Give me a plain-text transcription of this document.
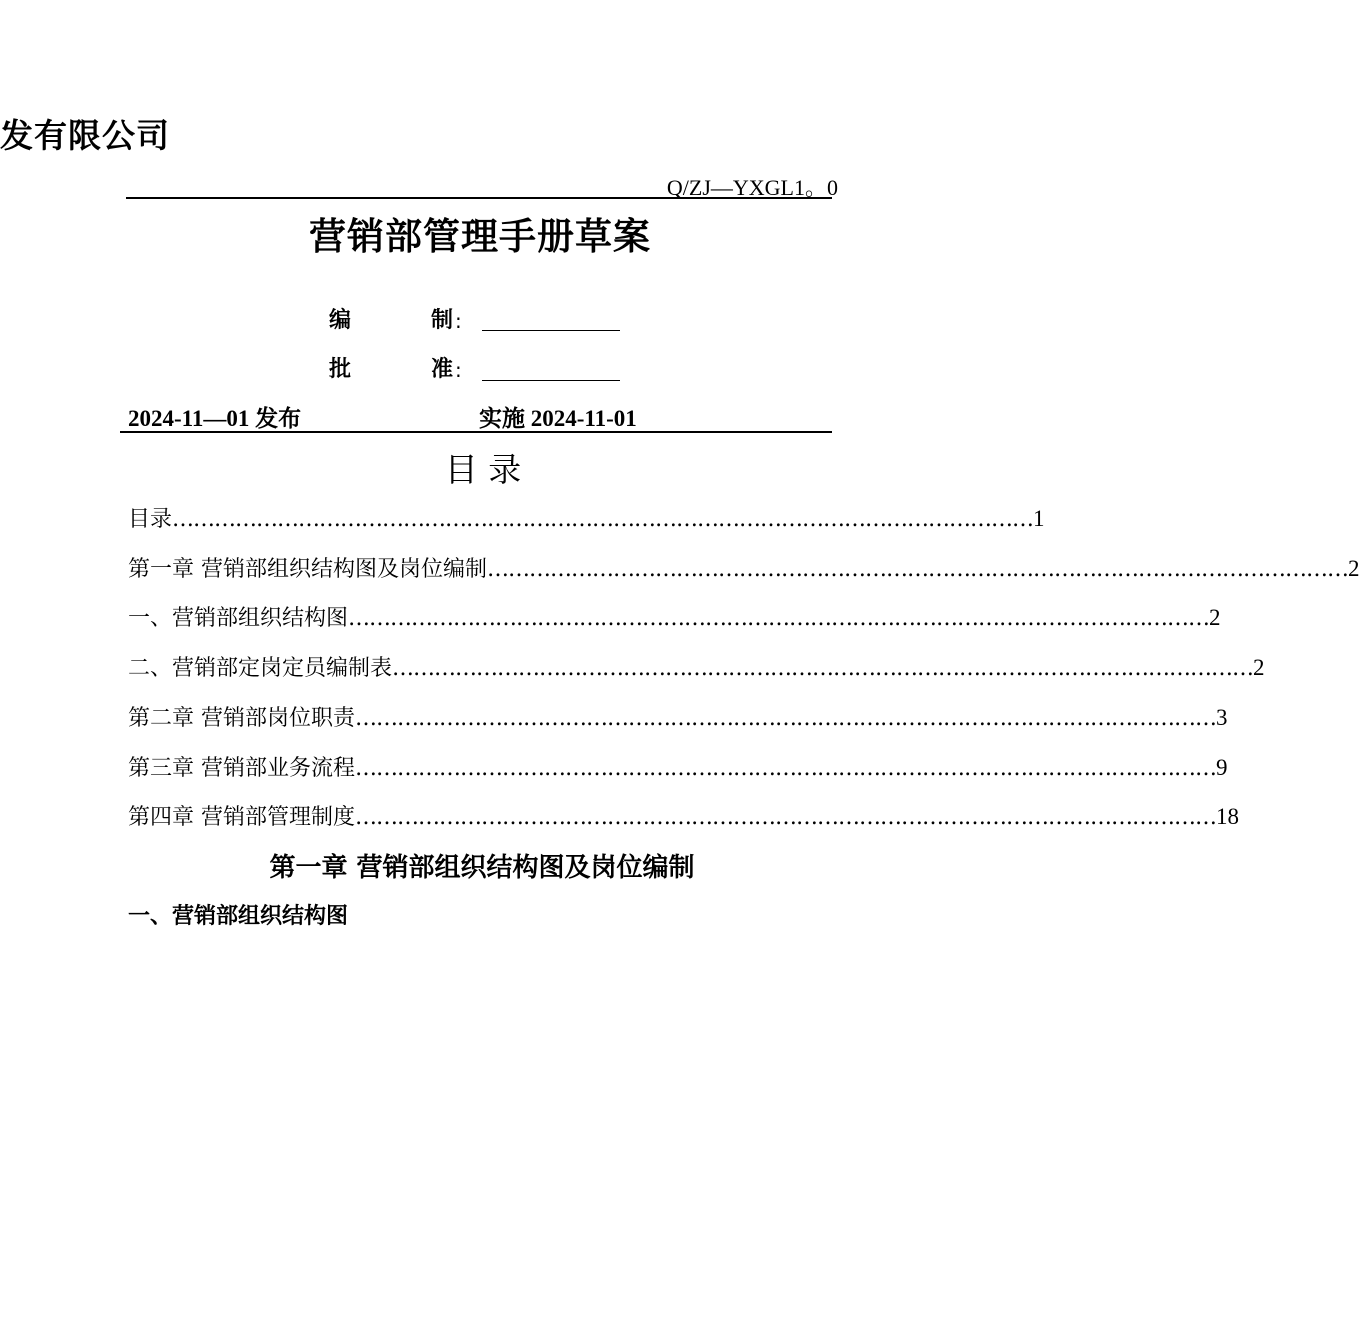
发有限公司
Q/ZJ—YXGL1。0
营销部管理手册草案
编	制 :
批	准 :
2024-11—01 发布	实施 2024-11-01
目 录
目录 …………………………………………………………………………………………………………… 1
第一章 营销部组织结构图及岗位编制 …………………………………………………………………………………………………………… 2
一、营销部组织结构图 …………………………………………………………………………………………………………… 2
二、营销部定岗定员编制表 …………………………………………………………………………………………………………… 2
第二章 营销部岗位职责 …………………………………………………………………………………………………………… 3
第三章 营销部业务流程 …………………………………………………………………………………………………………… 9
第四章 营销部管理制度 …………………………………………………………………………………………………………… 18
第一章 营销部组织结构图及岗位编制
一、营销部组织结构图
